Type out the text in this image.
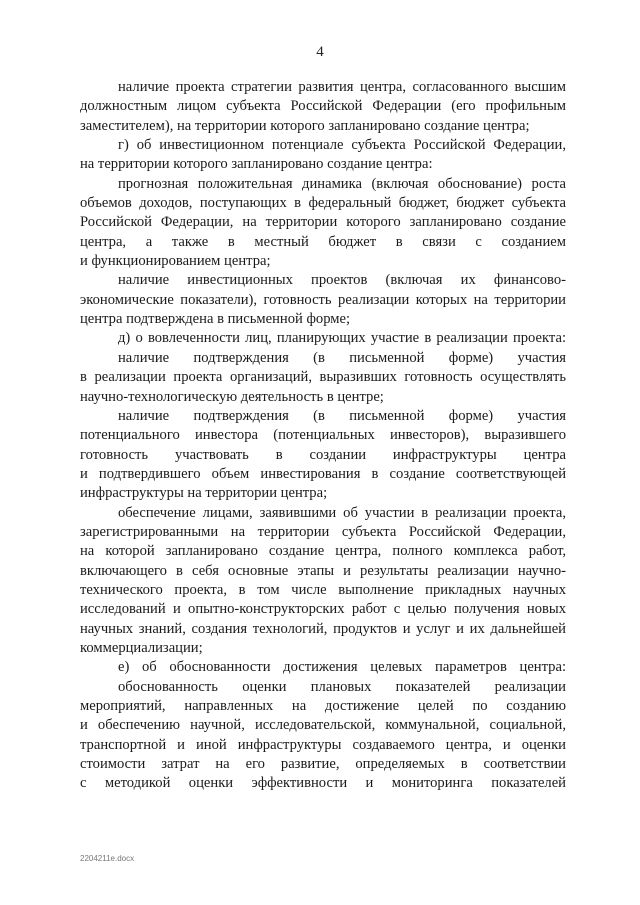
4
наличие проекта стратегии развития центра, согласованного высшим
должностным лицом субъекта Российской Федерации (его профильным
заместителем), на территории которого запланировано создание центра;
г) об инвестиционном потенциале субъекта Российской Федерации,
на территории которого запланировано создание центра:
прогнозная положительная динамика (включая обоснование) роста
объемов доходов, поступающих в федеральный бюджет, бюджет субъекта
Российской Федерации, на территории которого запланировано создание
центра, а также в местный бюджет в связи с созданием
и функционированием центра;
наличие инвестиционных проектов (включая их финансово-
экономические показатели), готовность реализации которых на территории
центра подтверждена в письменной форме;
д) о вовлеченности лиц, планирующих участие в реализации проекта:
наличие подтверждения (в письменной форме) участия
в реализации проекта организаций, выразивших готовность осуществлять
научно-технологическую деятельность в центре;
наличие подтверждения (в письменной форме) участия
потенциального инвестора (потенциальных инвесторов), выразившего
готовность участвовать в создании инфраструктуры центра
и подтвердившего объем инвестирования в создание соответствующей
инфраструктуры на территории центра;
обеспечение лицами, заявившими об участии в реализации проекта,
зарегистрированными на территории субъекта Российской Федерации,
на которой запланировано создание центра, полного комплекса работ,
включающего в себя основные этапы и результаты реализации научно-
технического проекта, в том числе выполнение прикладных научных
исследований и опытно-конструкторских работ с целью получения новых
научных знаний, создания технологий, продуктов и услуг и их дальнейшей
коммерциализации;
е) об обоснованности достижения целевых параметров центра:
обоснованность оценки плановых показателей реализации
мероприятий, направленных на достижение целей по созданию
и обеспечению научной, исследовательской, коммунальной, социальной,
транспортной и иной инфраструктуры создаваемого центра, и оценки
стоимости затрат на его развитие, определяемых в соответствии
с методикой оценки эффективности и мониторинга показателей
2204211e.docx
